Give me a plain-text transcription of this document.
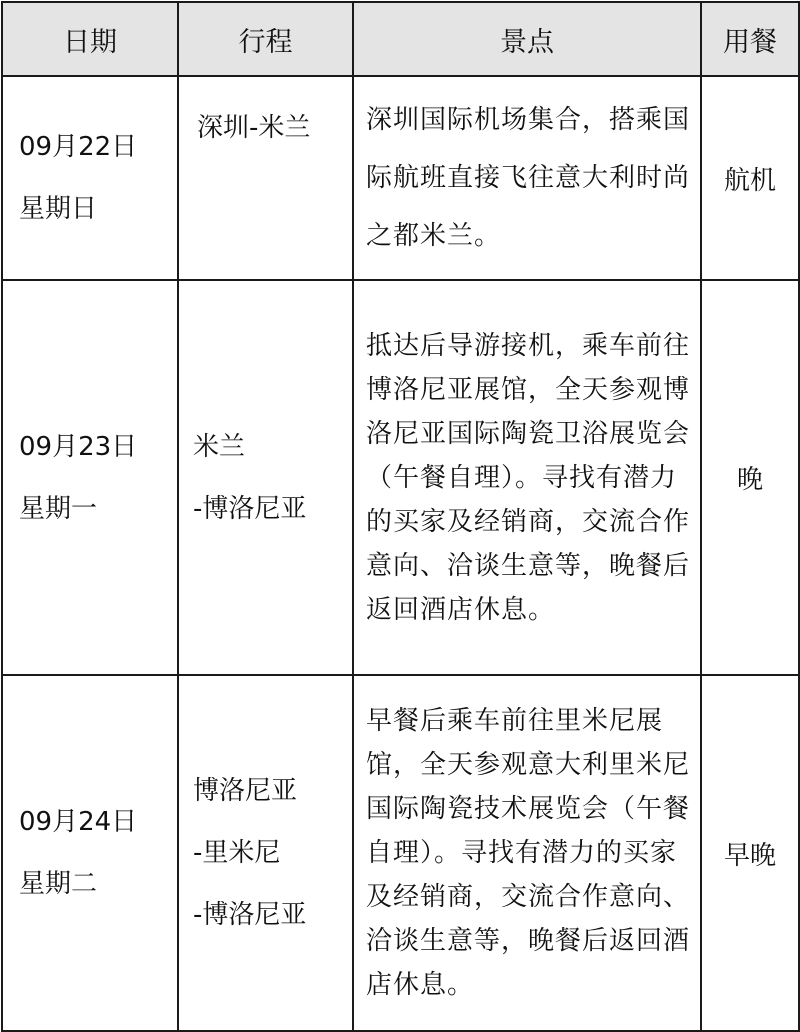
日期	行程	景点	用餐

09月22日
星期日	深圳-米兰	深圳国际机场集合，搭乘国际航班直接飞往意大利时尚之都米兰。	航机

09月23日
星期一	米兰
-博洛尼亚	抵达后导游接机，乘车前往博洛尼亚展馆，全天参观博洛尼亚国际陶瓷卫浴展览会（午餐自理）。寻找有潜力的买家及经销商，交流合作意向、洽谈生意等，晚餐后返回酒店休息。	晚

09月24日
星期二	博洛尼亚
-里米尼
-博洛尼亚	早餐后乘车前往里米尼展馆，全天参观意大利里米尼国际陶瓷技术展览会（午餐自理）。寻找有潜力的买家及经销商，交流合作意向、洽谈生意等，晚餐后返回酒店休息。	早晚
